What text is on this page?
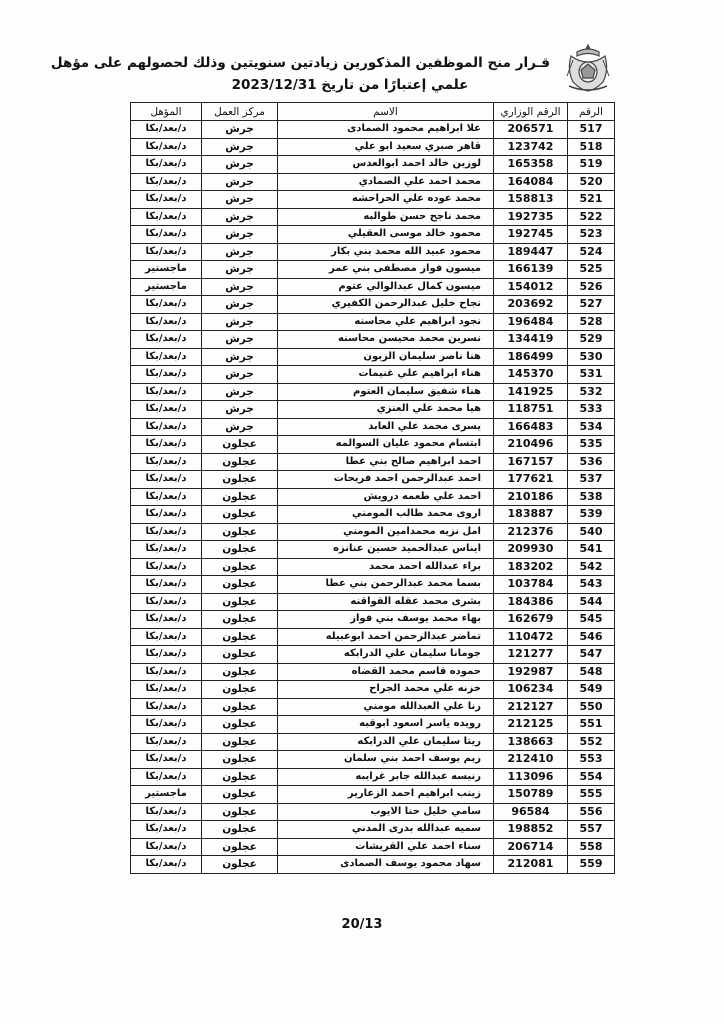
قـرار منح الموظفين المذكورين زيادتين سنويتين وذلك لحصولهم على مؤهل
علمي إعتبارًا من تاريخ 2023/12/31
الرقم	الرقم الوزاري	الاسم	مركز العمل	المؤهل
517	206571	علا ابراهيم محمود الصمادى	جرش	د/بعد/بكا
518	123742	قاهر صبري سعيد ابو علي	جرش	د/بعد/بكا
519	165358	لوزين خالد احمد ابوالعدس	جرش	د/بعد/بكا
520	164084	محمد احمد علي الصمادي	جرش	د/بعد/بكا
521	158813	محمد عوده علي الحراحشه	جرش	د/بعد/بكا
522	192735	محمد ناجح حسن طوالبه	جرش	د/بعد/بكا
523	192745	محمود خالد موسى العقيلي	جرش	د/بعد/بكا
524	189447	محمود عبيد الله محمد بني بكار	جرش	د/بعد/بكا
525	166139	ميسون فواز مصطفى بني عمر	جرش	ماجستير
526	154012	ميسون كمال عبدالوالي عتوم	جرش	ماجستير
527	203692	نجاح خليل عبدالرحمن الكفيري	جرش	د/بعد/بكا
528	196484	نجود ابراهيم علي محاسنه	جرش	د/بعد/بكا
529	134419	نسرين محمد محيسن محاسنه	جرش	د/بعد/بكا
530	186499	هنا ناصر سليمان الزبون	جرش	د/بعد/بكا
531	145370	هناء ابراهيم علي غنيمات	جرش	د/بعد/بكا
532	141925	هناء شفيق سليمان العتوم	جرش	د/بعد/بكا
533	118751	هيا محمد علي العنزي	جرش	د/بعد/بكا
534	166483	يسرى محمد علي العابد	جرش	د/بعد/بكا
535	210496	ابتسام محمود عليان السوالمه	عجلون	د/بعد/بكا
536	167157	احمد ابراهيم صالح بني عطا	عجلون	د/بعد/بكا
537	177621	احمد عبدالرحمن احمد فريحات	عجلون	د/بعد/بكا
538	210186	احمد علي طعمه درويش	عجلون	د/بعد/بكا
539	183887	اروى محمد طالب المومني	عجلون	د/بعد/بكا
540	212376	امل نزيه محمدامين المومني	عجلون	د/بعد/بكا
541	209930	ايناس عبدالحميد حسين عنانزه	عجلون	د/بعد/بكا
542	183202	براء عبدالله احمد محمد	عجلون	د/بعد/بكا
543	103784	بسما محمد عبدالرحمن بني عطا	عجلون	د/بعد/بكا
544	184386	بشرى محمد عقله القواقنه	عجلون	د/بعد/بكا
545	162679	بهاء محمد يوسف بني فواز	عجلون	د/بعد/بكا
546	110472	تماضر عبدالرحمن احمد ابوعبيله	عجلون	د/بعد/بكا
547	121277	جومانا سليمان علي الدرابكه	عجلون	د/بعد/بكا
548	192987	حموده قاسم محمد القضاه	عجلون	د/بعد/بكا
549	106234	خزنه علي محمد الجراح	عجلون	د/بعد/بكا
550	212127	رنا علي العبدالله مومني	عجلون	د/بعد/بكا
551	212125	رويده ياسر اسعود ابوقبه	عجلون	د/بعد/بكا
552	138663	ريتا سليمان علي الدرابكه	عجلون	د/بعد/بكا
553	212410	ريم يوسف احمد بني سلمان	عجلون	د/بعد/بكا
554	113096	رنيسه عبدالله جابر غرايبه	عجلون	د/بعد/بكا
555	150789	زينب ابراهيم احمد الزعارير	عجلون	ماجستير
556	96584	سامي خليل حنا الايوب	عجلون	د/بعد/بكا
557	198852	سميه عبدالله بدرى المدني	عجلون	د/بعد/بكا
558	206714	سناء احمد علي القريشات	عجلون	د/بعد/بكا
559	212081	سهاد محمود يوسف الصمادى	عجلون	د/بعد/بكا
20/13
